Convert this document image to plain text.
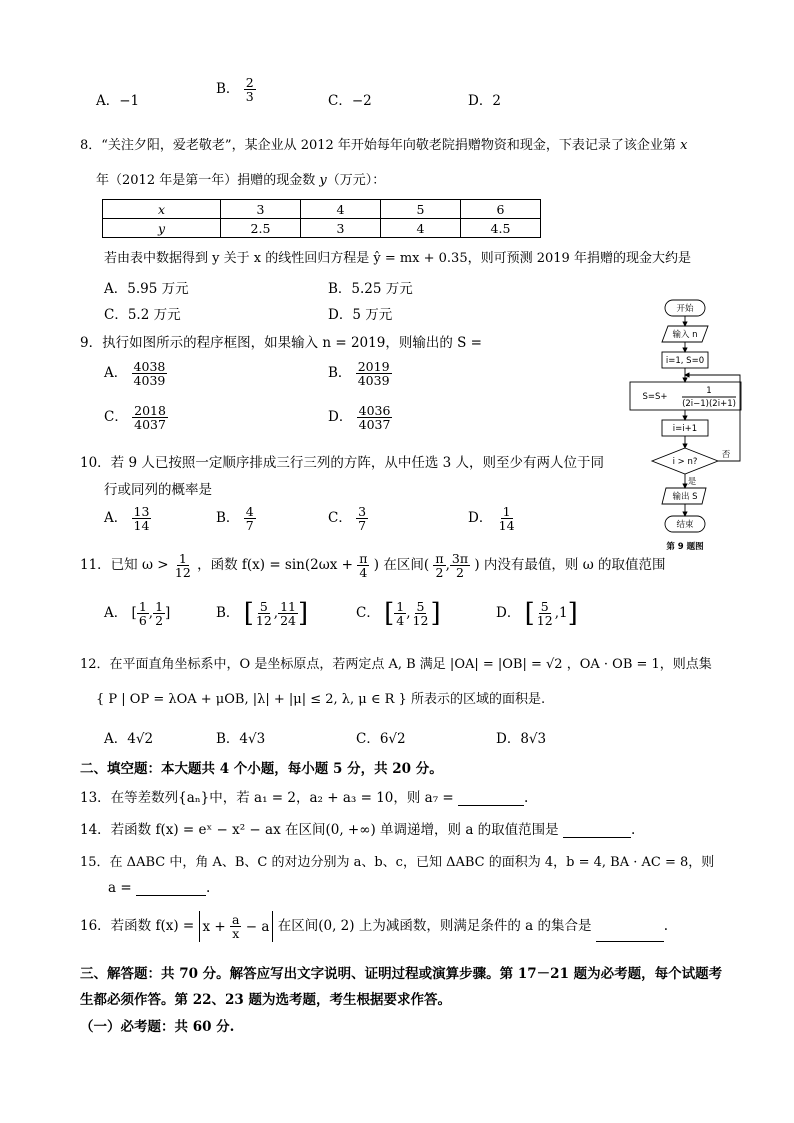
A．−1
B． $\frac{2}{3}$	C．−2	D．2
8．“关注夕阳，爱老敬老”，某企业从 2012 年开始每年向敬老院捐赠物资和现金，下表记录了该企业第 x
年（2012 年是第一年）捐赠的现金数 y（万元）：
x	3	4	5	6
y	2.5	3	4	4.5
若由表中数据得到 y 关于 x 的线性回归方程是 ŷ = mx + 0.35，则可预测 2019 年捐赠的现金大约是
A．5.95 万元	B．5.25 万元
C．5.2 万元	D．5 万元
9．执行如图所示的程序框图，如果输入 n = 2019，则输出的 S =
A． $\frac{4038}{4039}$	B． $\frac{2019}{4039}$
C． $\frac{2018}{4037}$	D． $\frac{4036}{4037}$
开始
输入 n
i=1, S=0
S=S+
1
(2i−1)(2i+1)
i=i+1
i > n?
否
是
输出 S
结束
第 9 题图
10．若 9 人已按照一定顺序排成三行三列的方阵，从中任选 3 人，则至少有两人位于同
行或同列的概率是
A． $\frac{13}{14}$	B． $\frac{4}{7}$	C． $\frac{3}{7}$	D． $\frac{1}{14}$
11．已知 $\omega > \frac{1}{12}$ ，函数 $f(x) = \sin(2\omega x + \frac{\pi}{4}$ ) 在区间( $\frac{\pi}{2}$ , $\frac{3\pi}{2}$ ) 内没有最值，则 ω 的取值范围
A． [ $\frac{1}{6}$ , $\frac{1}{2}$ ]	B． [ $\frac{5}{12}$ , $\frac{11}{24}$ ]	C． [ $\frac{1}{4}$ , $\frac{5}{12}$ ]	D． [ $\frac{5}{12} ,1$]
12．在平面直角坐标系中，O 是坐标原点，若两定点 A, B 满足 |OA| = |OB| = √2 ，OA · OB = 1，则点集
{ P | OP = λOA + μOB, |λ| + |μ| ≤ 2, λ, μ ∈ R } 所表示的区域的面积是.
A．4√2	B．4√3	C．6√2	D．8√3
二、填空题：本大题共 4 个小题，每小题 5 分，共 20 分。
13．在等差数列{aₙ}中，若 a₁ = 2，a₂ + a₃ = 10，则 a₇ =	.
14．若函数 f(x) = eˣ − x² − ax 在区间(0, +∞) 单调递增，则 a 的取值范围是	.
15．在 ΔABC 中，角 A、B、C 的对边分别为 a、b、c，已知 ΔABC 的面积为 4，b = 4, BA · AC = 8，则
a =	.
16．若函数 f(x) = x +
$\frac{a}{x}$
− a 在区间(0, 2) 上为减函数，则满足条件的 a 的集合是	.
三、解答题：共 70 分。解答应写出文字说明、证明过程或演算步骤。第 17－21 题为必考题，每个试题考
生都必须作答。第 22、23 题为选考题，考生根据要求作答。
（一）必考题：共 60 分.
